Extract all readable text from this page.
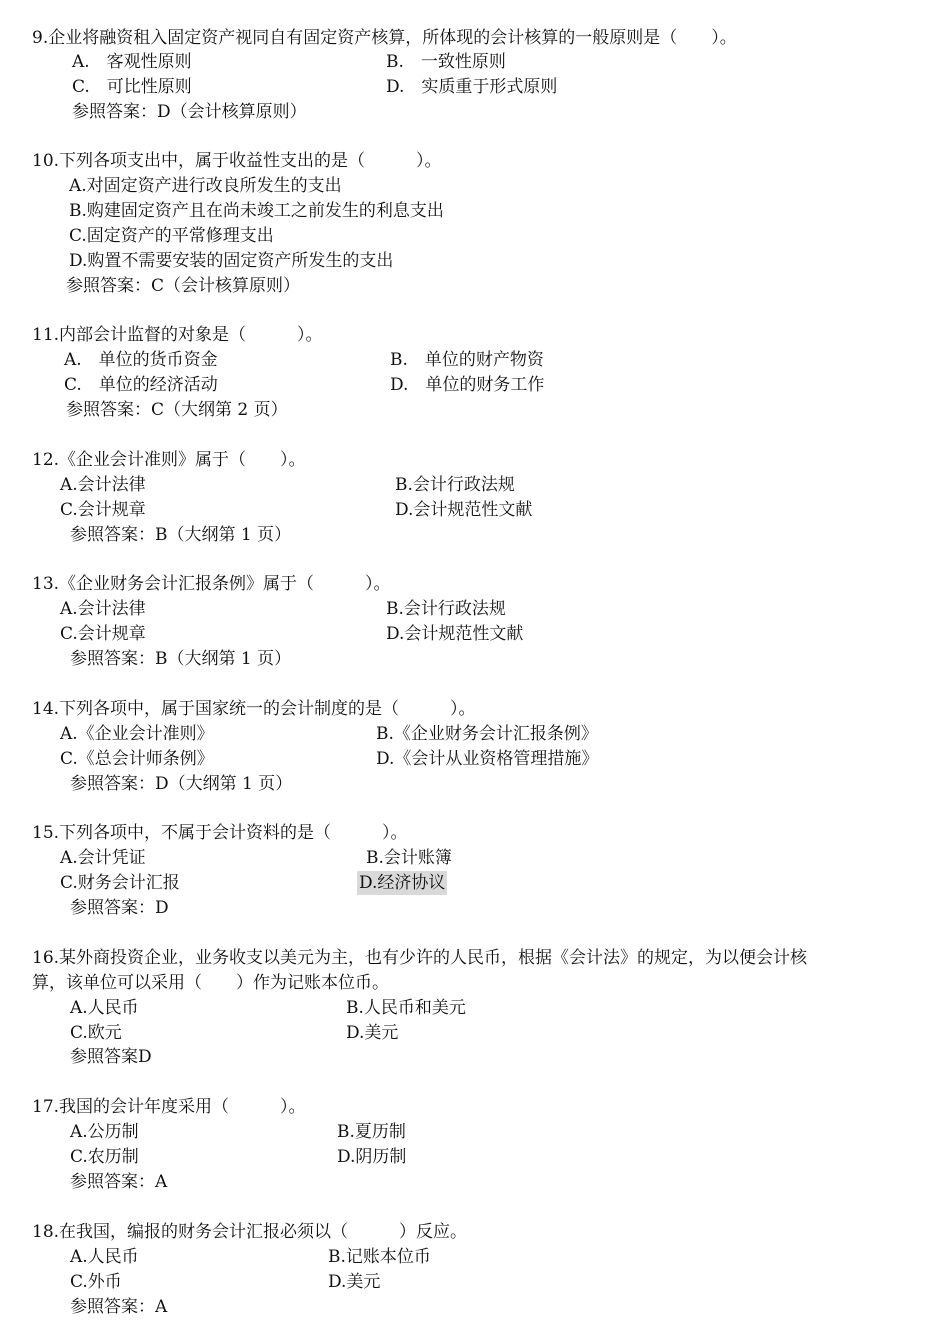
9.企业将融资租入固定资产视同自有固定资产核算，所体现的会计核算的一般原则是（　　）。
A.　客观性原则	B.　一致性原则
C.　可比性原则	D.　实质重于形式原则
参照答案：D（会计核算原则）
10.下列各项支出中，属于收益性支出的是（　　　）。
A.对固定资产进行改良所发生的支出
B.购建固定资产且在尚未竣工之前发生的利息支出
C.固定资产的平常修理支出
D.购置不需要安装的固定资产所发生的支出
参照答案：C（会计核算原则）
11.内部会计监督的对象是（　　　）。
A.　单位的货币资金	B.　单位的财产物资
C.　单位的经济活动	D.　单位的财务工作
参照答案：C（大纲第 2 页）
12.《企业会计准则》属于（　　）。
A.会计法律	B.会计行政法规
C.会计规章	D.会计规范性文献
参照答案：B（大纲第 1 页）
13.《企业财务会计汇报条例》属于（　　　）。
A.会计法律	B.会计行政法规
C.会计规章	D.会计规范性文献
参照答案：B（大纲第 1 页）
14.下列各项中，属于国家统一的会计制度的是（　　　）。
A.《企业会计准则》	B.《企业财务会计汇报条例》
C.《总会计师条例》	D.《会计从业资格管理措施》
参照答案：D（大纲第 1 页）
15.下列各项中，不属于会计资料的是（　　　）。
A.会计凭证	B.会计账簿
C.财务会计汇报	D.经济协议
参照答案：D
16.某外商投资企业，业务收支以美元为主，也有少许的人民币，根据《会计法》的规定，为以便会计核
算，该单位可以采用（　　）作为记账本位币。
A.人民币	B.人民币和美元
C.欧元	D.美元
参照答案D
17.我国的会计年度采用（　　　）。
A.公历制	B.夏历制
C.农历制	D.阴历制
参照答案：A
18.在我国，编报的财务会计汇报必须以（　　　）反应。
A.人民币	B.记账本位币
C.外币	D.美元
参照答案：A
